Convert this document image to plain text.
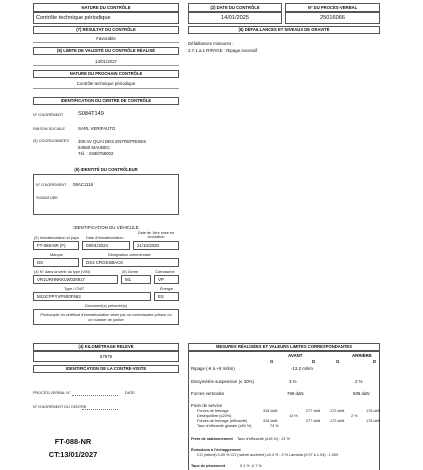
NATURE DU CONTRÔLE
Contrôle technique périodique
(2) DATE DU CONTRÔLE
14/01/2025
N° DU PROCÈS-VERBAL
25016066
(7) RÉSULTAT DU CONTRÔLE
Favorable
(8) LIMITE DE VALIDITÉ DU CONTRÔLE RÉALISÉ
13/01/2027
NATURE DU PROCHAIN CONTRÔLE
Contrôle technique périodique
(6) DÉFAILLANCES ET NIVEAUX DE GRAVITÉ
Défaillances mineures :
2.7.1.a.1 RIPAGE : Ripage excessif
IDENTIFICATION DU CENTRE DE CONTRÔLE
N° D'AGRÉMENT	S084T149
RAISON SOCIALE	SARL VERIFAUTO
(5) COORDONNÉES 300 AV QUAI DES ENTREPRISES
84560 MAUBEC
Tél. : 0490768002
(9) IDENTITÉ DU CONTRÔLEUR
N° D'AGRÉMENT 08AC1116
SIGNATURE
IDENTIFICATION DU VÉHICULE
(2) Immatriculation et pays Date d'immatriculation
Date de 1ère mise en circulation
FT-088-NR (F)	08/01/2024	21/10/2020
Marque	Désignation commerciale
DS	DS3 CROSSBACK
(4) N° dans la série du type (VIN)	(5) Genre	Carrosserie
VR1URHNKKLW026917	M1	VP
Type / CNIT	Énergie
M10CPPYVP500F563	ES
Document(s) présenté(s)
Photocopie du certificat d'immatriculation visée par un commissaire-priseur ou un huissier de justice
(4) KILOMÉTRAGE RELEVÉ
67879
IDENTIFICATION DE LA CONTRE-VISITE
PROCÈS-VERBAL N°	DATE
N° D'AGRÉMENT DU CENTRE
FT-088-NR
CT:13/01/2027
MESURES RÉALISÉES ET VALEURS LIMITES CORRESPONDANTES
AVANT	ARRIÈRE
G	D	G	D
Ripage (-8 à +8 m/km)	-13.2 m/km
Dissymétrie suspension (≤ 30%)	3 %	2 %
Forces verticales	769 daN	505 daN
Frein de service
Forces de freinage	316 daN	277 daN	172 daN	176 daN
Déséquilibre (≤20%)	13 %	2 %
Forces de freinage (efficacité)	316 daN	277 daN	172 daN	176 daN
Taux d'efficacité globale (≥50 %)	73 %
Frein de stationnement Taux d'efficacité (≥18 %) : 21 %
Émissions à l'échappement
CO (ralenti) 0.00 % CO (ralenti accéléré) ≤0.3 % : 0 % Lambda (0.97 à 1.03) : 1.009
Taux de pincement	0.1 % -0.7 %
